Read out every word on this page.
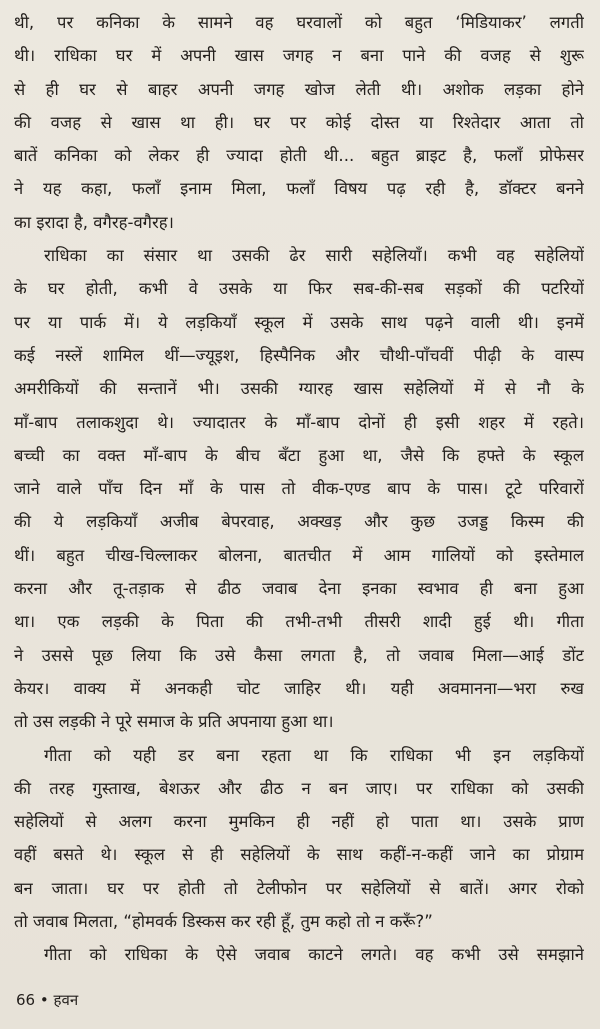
थी, पर कनिका के सामने वह घरवालों को बहुत ‘मिडियाकर’ लगती
थी। राधिका घर में अपनी खास जगह न बना पाने की वजह से शुरू
से ही घर से बाहर अपनी जगह खोज लेती थी। अशोक लड़का होने
की वजह से खास था ही। घर पर कोई दोस्त या रिश्तेदार आता तो
बातें कनिका को लेकर ही ज्यादा होती थी... बहुत ब्राइट है, फलाँ प्रोफेसर
ने यह कहा, फलाँ इनाम मिला, फलाँ विषय पढ़ रही है, डॉक्टर बनने
का इरादा है, वगैरह-वगैरह।
राधिका का संसार था उसकी ढेर सारी सहेलियाँ। कभी वह सहेलियों
के घर होती, कभी वे उसके या फिर सब-की-सब सड़कों की पटरियों
पर या पार्क में। ये लड़कियाँ स्कूल में उसके साथ पढ़ने वाली थी। इनमें
कई नस्लें शामिल थीं—ज्यूइश, हिस्पैनिक और चौथी-पाँचवीं पीढ़ी के वास्प
अमरीकियों की सन्तानें भी। उसकी ग्यारह खास सहेलियों में से नौ के
माँ-बाप तलाकशुदा थे। ज्यादातर के माँ-बाप दोनों ही इसी शहर में रहते।
बच्ची का वक्त माँ-बाप के बीच बँटा हुआ था, जैसे कि हफ्ते के स्कूल
जाने वाले पाँच दिन माँ के पास तो वीक-एण्ड बाप के पास। टूटे परिवारों
की ये लड़कियाँ अजीब बेपरवाह, अक्खड़ और कुछ उजड्ड किस्म की
थीं। बहुत चीख-चिल्लाकर बोलना, बातचीत में आम गालियों को इस्तेमाल
करना और तू-तड़ाक से ढीठ जवाब देना इनका स्वभाव ही बना हुआ
था। एक लड़की के पिता की तभी-तभी तीसरी शादी हुई थी। गीता
ने उससे पूछ लिया कि उसे कैसा लगता है, तो जवाब मिला—आई डोंट
केयर। वाक्य में अनकही चोट जाहिर थी। यही अवमानना—भरा रुख
तो उस लड़की ने पूरे समाज के प्रति अपनाया हुआ था।
गीता को यही डर बना रहता था कि राधिका भी इन लड़कियों
की तरह गुस्ताख, बेशऊर और ढीठ न बन जाए। पर राधिका को उसकी
सहेलियों से अलग करना मुमकिन ही नहीं हो पाता था। उसके प्राण
वहीं बसते थे। स्कूल से ही सहेलियों के साथ कहीं-न-कहीं जाने का प्रोग्राम
बन जाता। घर पर होती तो टेलीफोन पर सहेलियों से बातें। अगर रोको
तो जवाब मिलता, “होमवर्क डिस्कस कर रही हूँ, तुम कहो तो न करूँ?”
गीता को राधिका के ऐसे जवाब काटने लगते। वह कभी उसे समझाने
66 • हवन
